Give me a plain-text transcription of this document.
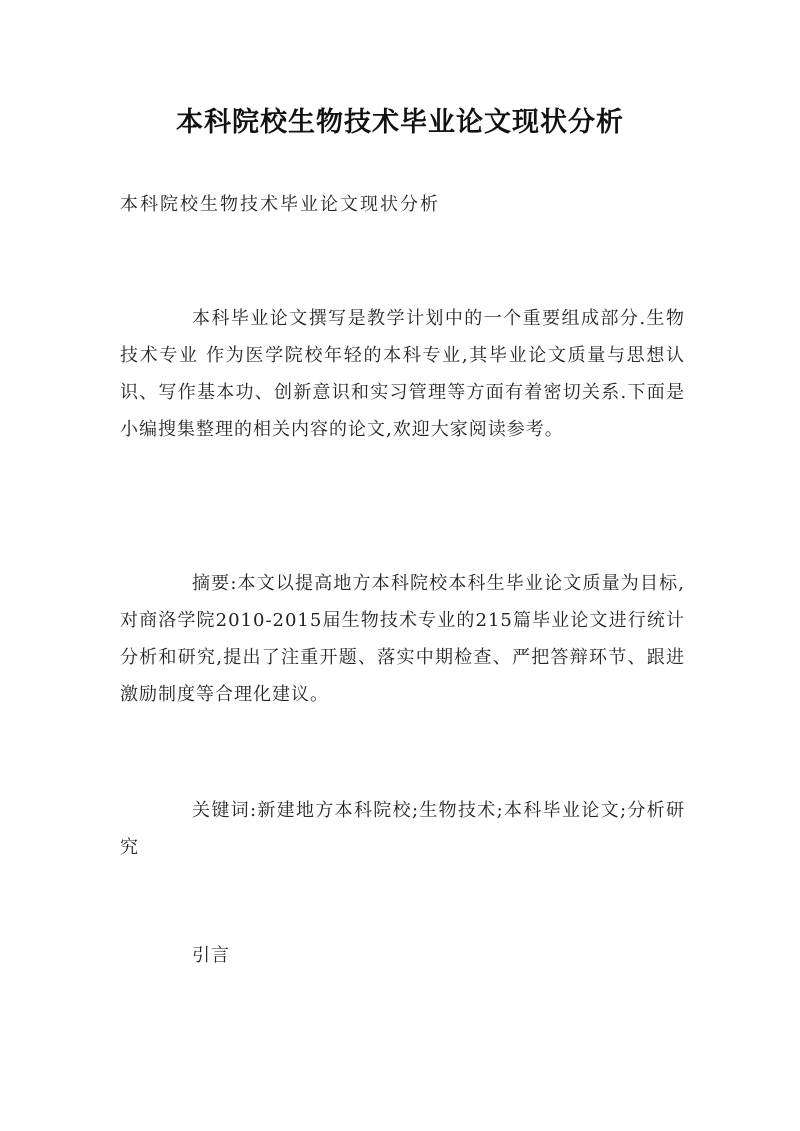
本科院校生物技术毕业论文现状分析
本科院校生物技术毕业论文现状分析

本科毕业论文撰写是教学计划中的一个重要组成部分.生物技术专业 作为医学院校年轻的本科专业,其毕业论文质量与思想认识、写作基本功、创新意识和实习管理等方面有着密切关系.下面是小编搜集整理的相关内容的论文,欢迎大家阅读参考。

摘要:本文以提高地方本科院校本科生毕业论文质量为目标,对商洛学院2010-2015届生物技术专业的215篇毕业论文进行统计分析和研究,提出了注重开题、落实中期检查、严把答辩环节、跟进激励制度等合理化建议。

关键词:新建地方本科院校;生物技术;本科毕业论文;分析研究

引言
